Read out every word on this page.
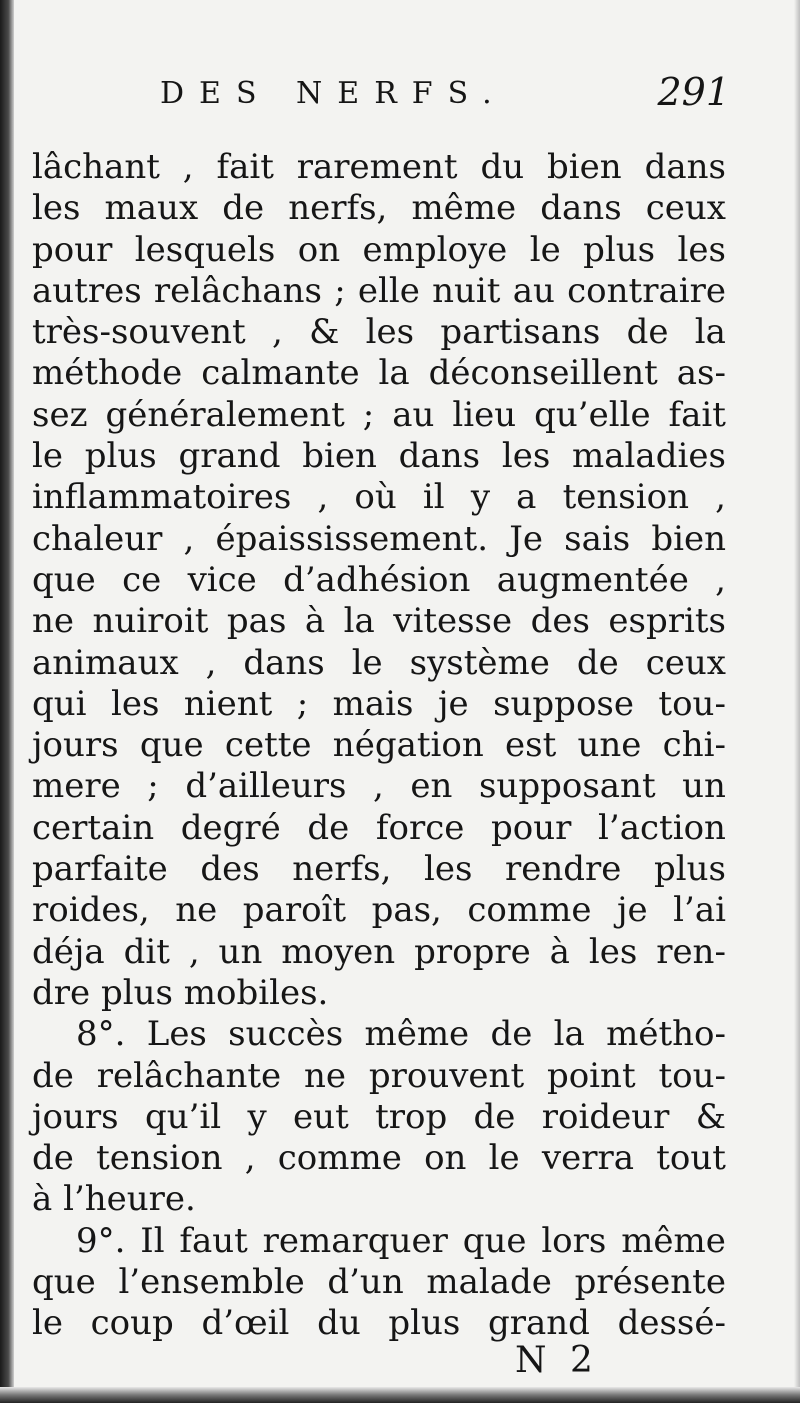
DES NERFS.	291
lâchant , fait rarement du bien dans
les maux de nerfs, même dans ceux
pour lesquels on employe le plus les
autres relâchans ; elle nuit au contraire
très-souvent , & les partisans de la
méthode calmante la déconseillent as-
sez généralement ; au lieu qu’elle fait
le plus grand bien dans les maladies
inflammatoires , où il y a tension ,
chaleur , épaississement. Je sais bien
que ce vice d’adhésion augmentée ,
ne nuiroit pas à la vitesse des esprits
animaux , dans le système de ceux
qui les nient ; mais je suppose tou-
jours que cette négation est une chi-
mere ; d’ailleurs , en supposant un
certain degré de force pour l’action
parfaite des nerfs, les rendre plus
roides, ne paroît pas, comme je l’ai
déja dit , un moyen propre à les ren-
dre plus mobiles.
8°. Les succès même de la métho-
de relâchante ne prouvent point tou-
jours qu’il y eut trop de roideur &
de tension , comme on le verra tout
à l’heure.
9°. Il faut remarquer que lors même
que l’ensemble d’un malade présente
le coup d’œil du plus grand dessé-
N 2
